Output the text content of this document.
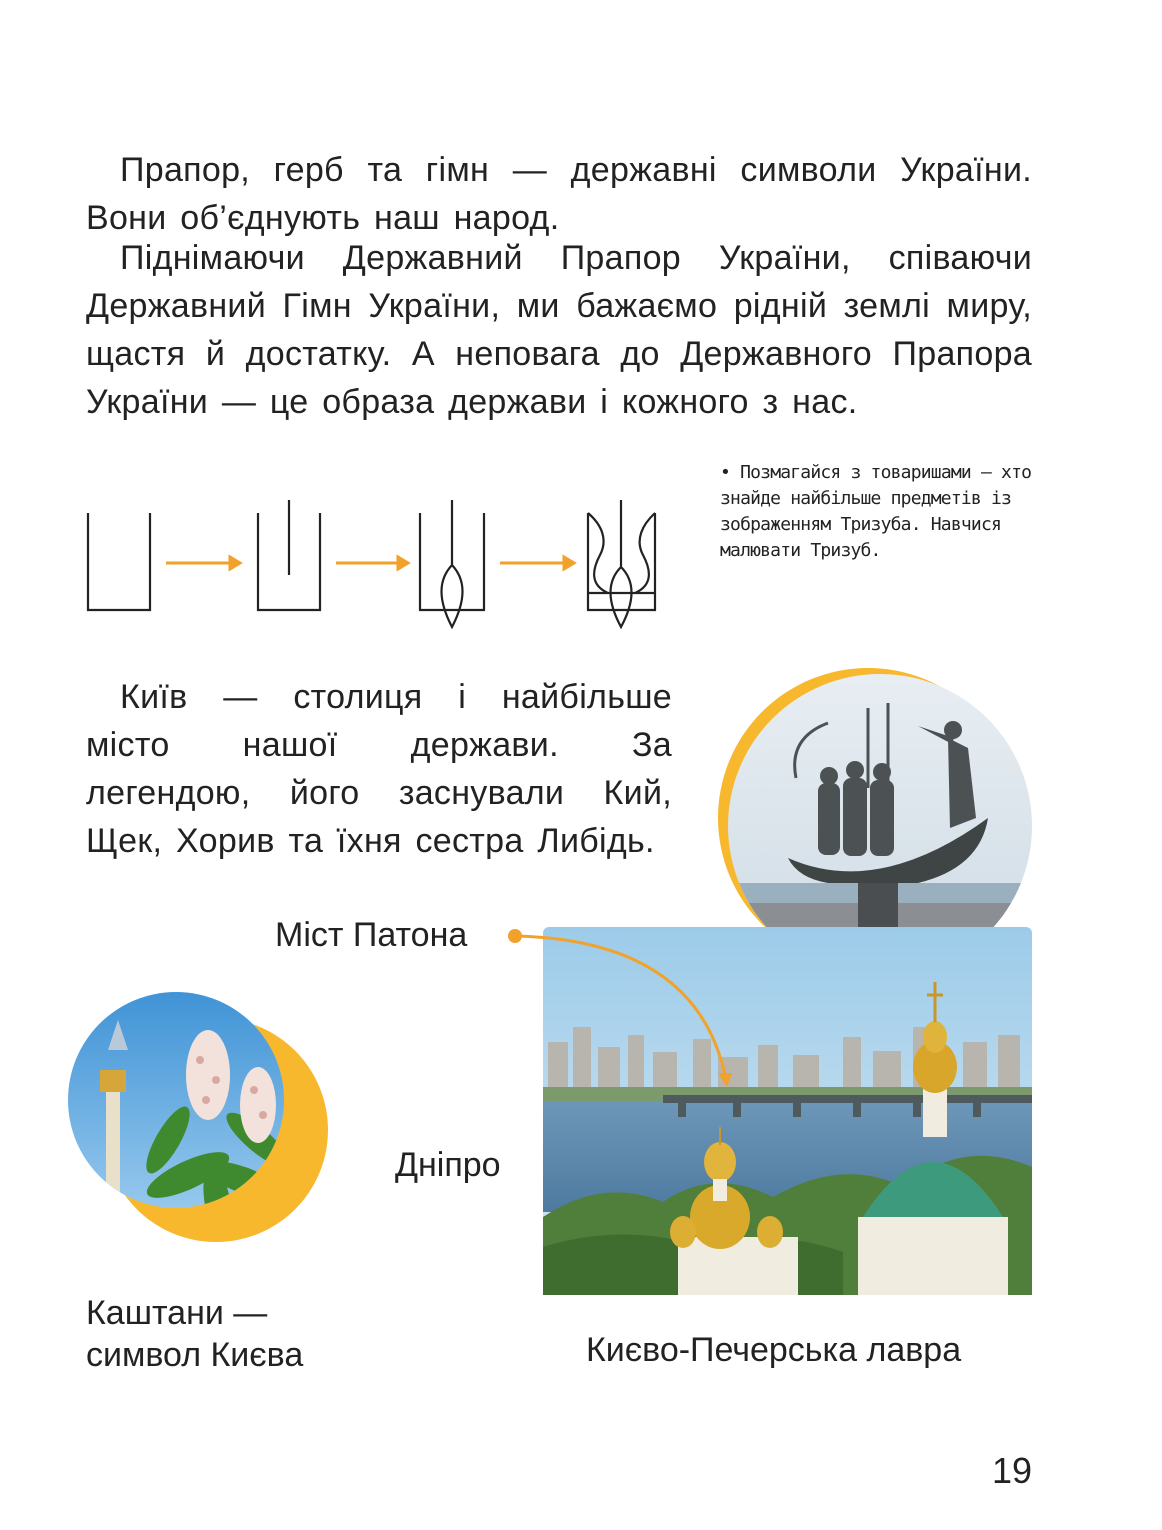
Прапор, герб та гімн — державні символи України. Вони об’єднують наш народ.

Піднімаючи Державний Прапор України, співаючи Державний Гімн України, ми бажаємо рідній землі миру, щастя й достатку. А неповага до Державного Прапора України — це образа держави і кожного з нас.

• Позмагайся з товаришами — хто знайде найбільше предметів із зображенням Тризуба. Навчися малювати Тризуб.

Київ — столиця і найбільше місто нашої держави. За легендою, його заснували Кий, Щек, Хорив та їхня сестра Либідь.

Міст Патона
Дніпро
Каштани — символ Києва	Києво-Печерська лавра
19
